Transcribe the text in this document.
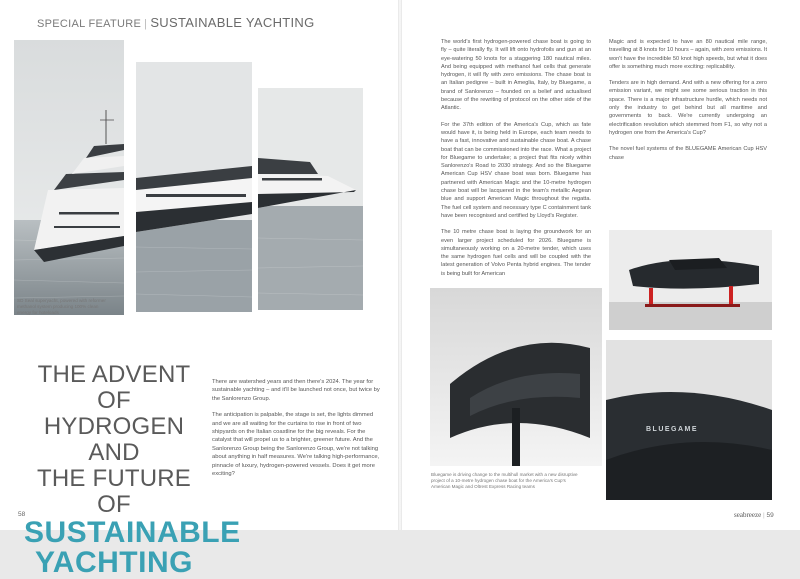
SPECIAL FEATURE | SUSTAINABLE YACHTING
SD Seal superyacht, powered with reformer methanol system producing 100% clean energy for hoteloads
THE ADVENT OF
HYDROGEN AND
THE FUTURE OF
SUSTAINABLE
YACHTING

There are watershed years and then there's 2024. The year for sustainable yachting – and it'll be launched not once, but twice by the Sanlorenzo Group.

The anticipation is palpable, the stage is set, the lights dimmed and we are all waiting for the curtains to rise in front of two shipyards on the Italian coastline for the big reveals. For the catalyst that will propel us to a brighter, greener future. And the Sanlorenzo Group being the Sanlorenzo Group, we're not talking about anything in half measures. We're talking high-performance, pinnacle of luxury, hydrogen-powered vessels. Does it get more exciting?

The world's first hydrogen-powered chase boat is going to fly – quite literally fly. It will lift onto hydrofoils and gun at an eye-watering 50 knots for a staggering 180 nautical miles. And being equipped with methanol fuel cells that generate hydrogen, it will fly with zero emissions. The chase boat is an Italian pedigree – built in Ameglia, Italy, by Bluegame, a brand of Sanlorenzo – founded on a belief and actualised because of the rewriting of protocol on the other side of the Atlantic.

For the 37th edition of the America's Cup, which as fate would have it, is being held in Europe, each team needs to have a fast, innovative and sustainable chase boat. A chase boat that can be commissioned into the race. What a project for Bluegame to undertake; a project that fits nicely within Sanlorenzo's Road to 2030 strategy. And so the Bluegame American Cup HSV chase boat was born. Bluegame has partnered with American Magic and the 10-metre hydrogen chase boat will be lacquered in the team's metallic Aegean blue and support American Magic throughout the regatta. The fuel cell system and necessary type C containment tank have been recognised and certified by Lloyd's Register.

The 10 metre chase boat is laying the groundwork for an even larger project scheduled for 2026. Bluegame is simultaneously working on a 20-metre tender, which uses the same hydrogen fuel cells and will be coupled with the latest generation of Volvo Penta hybrid engines. The tender is being built for American

Magic and is expected to have an 80 nautical mile range, travelling at 8 knots for 10 hours – again, with zero emissions. It won't have the incredible 50 knot high speeds, but what it does offer is something much more exciting: replicability.

Tenders are in high demand. And with a new offering for a zero emission variant, we might see some serious traction in this space. There is a major infrastructure hurdle, which needs not only the industry to get behind but all maritime and governments to back. We're currently undergoing an electrification revolution which stemmed from F1, so why not a hydrogen one from the America's Cup?

The novel fuel systems of the BLUEGAME American Cup HSV chase

BLUEGAME
Bluegame is driving change to the multihull market with a new disruptive project of a 10-metre hydrogen chase boat for the America's Cup's American Magic and Oltrest Express Racing teams
58	seabreeze | 59
